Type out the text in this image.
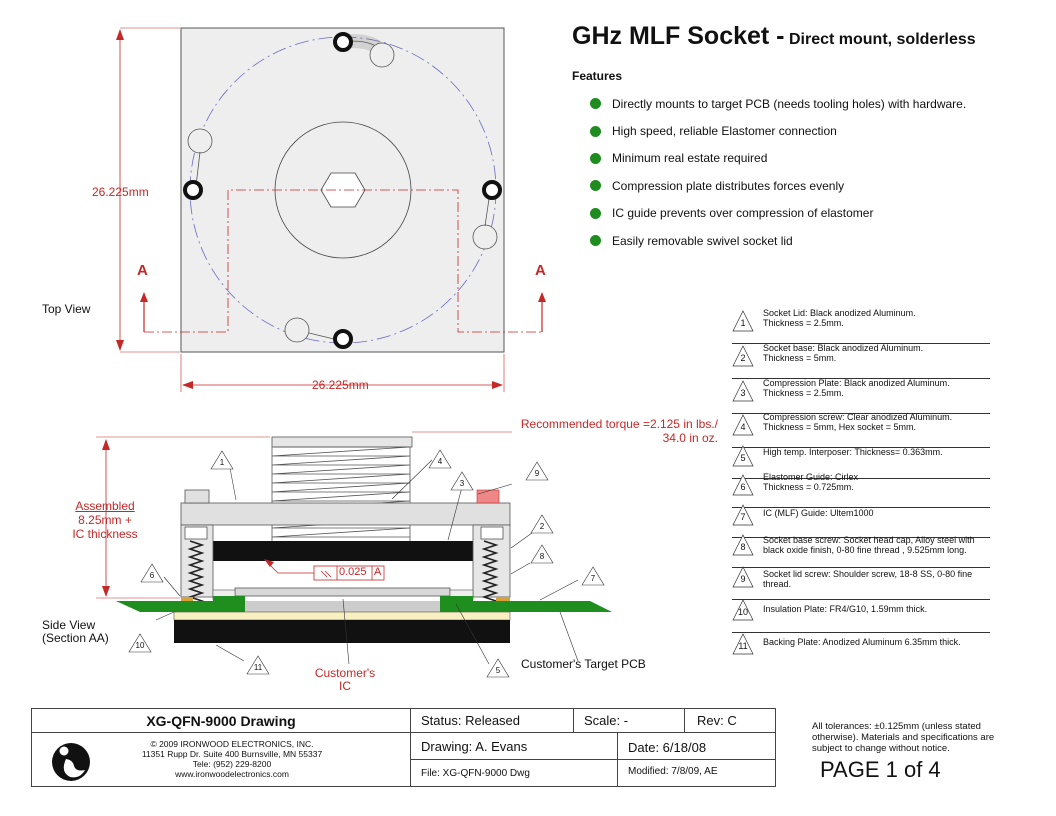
GHz MLF Socket - Direct mount, solderless
Features
Directly mounts to target PCB (needs tooling holes) with hardware.
High speed, reliable Elastomer connection
Minimum real estate required
Compression plate distributes forces evenly
IC guide prevents over compression of elastomer
Easily removable swivel socket lid
26.225mm
26.225mm
A	A
Top View
Assembled
8.25mm +
IC thickness
Recommended torque =2.125 in lbs./
34.0 in oz.
0.025 A
Side View
(Section AA)
Customer's
IC
Customer's Target PCB
1	4
3
2
8
9
6	7
10
11	5
1
Socket Lid: Black anodized Aluminum.
Thickness = 2.5mm.
2
Socket base: Black anodized Aluminum.
Thickness = 5mm.
3
Compression Plate: Black anodized Aluminum.
Thickness = 2.5mm.
4
Compression screw: Clear anodized Aluminum.
Thickness = 5mm, Hex socket = 5mm.
5
High temp. Interposer: Thickness= 0.363mm.
6
Elastomer Guide: Cirlex
Thickness = 0.725mm.
7	IC (MLF) Guide: Ultem1000
8
Socket base screw: Socket head cap, Alloy steel with
black oxide finish, 0-80 fine thread , 9.525mm long.
9	Socket lid screw: Shoulder screw, 18-8 SS, 0-80 fine
thread.
10	Insulation Plate: FR4/G10, 1.59mm thick.
11	Backing Plate: Anodized Aluminum 6.35mm thick.
XG-QFN-9000 Drawing
© 2009 IRONWOOD ELECTRONICS, INC.
11351 Rupp Dr. Suite 400 Burnsville, MN 55337
Tele: (952) 229-8200
www.ironwoodelectronics.com
Status: Released	Scale: -	Rev: C
Drawing: A. Evans	Date: 6/18/08
File: XG-QFN-9000 Dwg	Modified: 7/8/09, AE
All tolerances: ±0.125mm (unless stated otherwise). Materials and specifications are subject to change without notice.
PAGE 1 of 4
